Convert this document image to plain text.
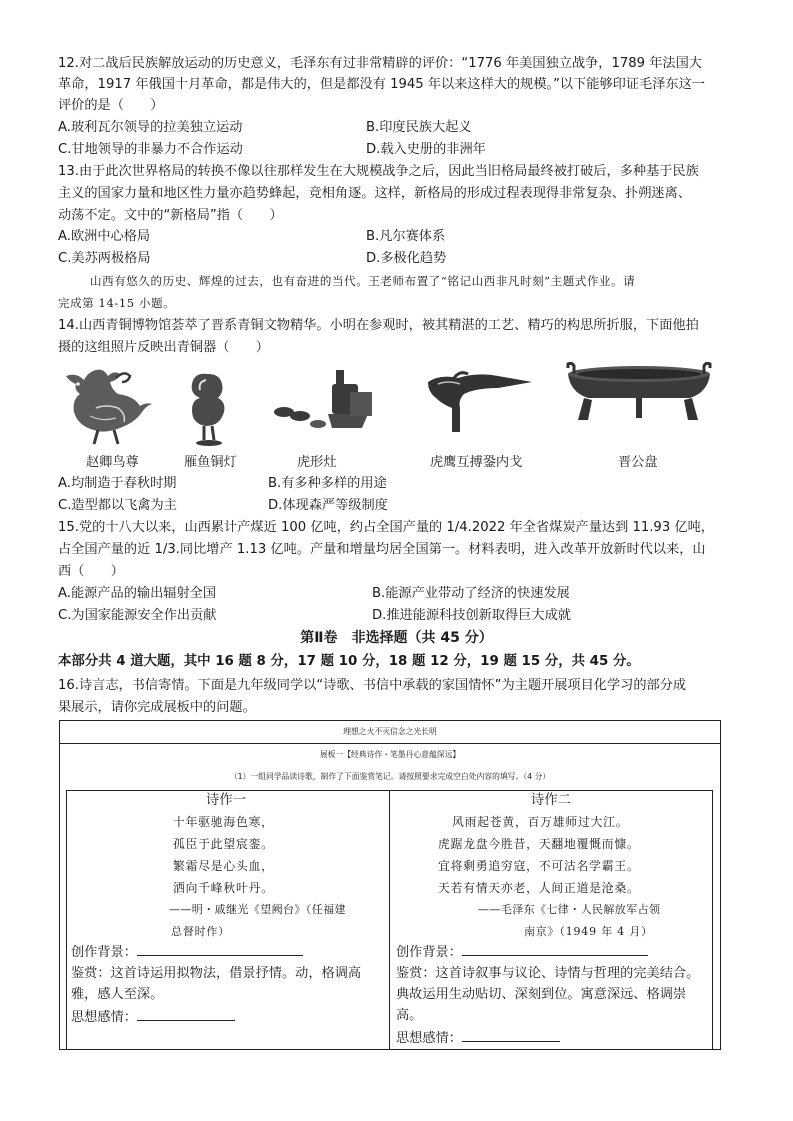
12.对二战后民族解放运动的历史意义，毛泽东有过非常精辟的评价：“1776 年美国独立战争，1789 年法国大
革命，1917 年俄国十月革命，都是伟大的，但是都没有 1945 年以来这样大的规模。”以下能够印证毛泽东这一
评价的是（　　）
A.玻利瓦尔领导的拉美独立运动	B.印度民族大起义
C.甘地领导的非暴力不合作运动	D.载入史册的非洲年
13.由于此次世界格局的转换不像以往那样发生在大规模战争之后，因此当旧格局最终被打破后，多种基于民族
主义的国家力量和地区性力量亦趋势蜂起，竞相角逐。这样，新格局的形成过程表现得非常复杂、扑朔迷离、
动荡不定。文中的“新格局”指（　　）
A.欧洲中心格局	B.凡尔赛体系
C.美苏两极格局	D.多极化趋势
山西有悠久的历史、辉煌的过去，也有奋进的当代。王老师布置了“铭记山西非凡时刻”主题式作业。请
完成第 14-15 小题。
14.山西青铜博物馆荟萃了晋系青铜文物精华。小明在参观时，被其精湛的工艺、精巧的构思所折服，下面他拍
摄的这组照片反映出青铜器（　　）
赵卿鸟尊	雁鱼铜灯	虎形灶	虎鹰互搏銎内戈	晋公盘
A.均制造于春秋时期	B.有多种多样的用途
C.造型都以飞禽为主	D.体现森严等级制度
15.党的十八大以来，山西累计产煤近 100 亿吨，约占全国产量的 1/4.2022 年全省煤炭产量达到 11.93 亿吨，
占全国产量的近 1/3.同比增产 1.13 亿吨。产量和增量均居全国第一。材料表明，进入改革开放新时代以来，山
西（　　）
A.能源产品的输出辐射全国	B.能源产业带动了经济的快速发展
C.为国家能源安全作出贡献	D.推进能源科技创新取得巨大成就
第Ⅱ卷　非选择题（共 45 分）
本部分共 4 道大题，其中 16 题 8 分，17 题 10 分，18 题 12 分，19 题 15 分，共 45 分。
16.诗言志，书信寄情。下面是九年级同学以“诗歌、书信中承载的家国情怀”为主题开展项目化学习的部分成
果展示，请你完成展板中的问题。
理想之火不灭信念之光长明
展板一【经典诗作・笔墨丹心意蕴深远】
（1）一组同学品读诗歌，制作了下面鉴赏笔记。请按照要求完成空白处内容的填写。（4 分）
诗作一
十年驱驰海色寒，
孤臣于此望宸銮。
繁霜尽是心头血，
洒向千峰秋叶丹。
——明・戚继光《望阙台》（任福建
总督时作）
创作背景：
鉴赏：这首诗运用拟物法，借景抒情。动，格调高
雅，感人至深。
思想感情：
诗作二
风雨起苍黄，百万雄师过大江。
虎踞龙盘今胜昔，天翻地覆慨而慷。
宜将剩勇追穷寇，不可沽名学霸王。
天若有情天亦老，人间正道是沧桑。
——毛泽东《七律・人民解放军占领
南京》（1949 年 4 月）
创作背景：
鉴赏：这首诗叙事与议论、诗情与哲理的完美结合。
典故运用生动贴切、深刻到位。寓意深远、格调崇
高。
思想感情：
